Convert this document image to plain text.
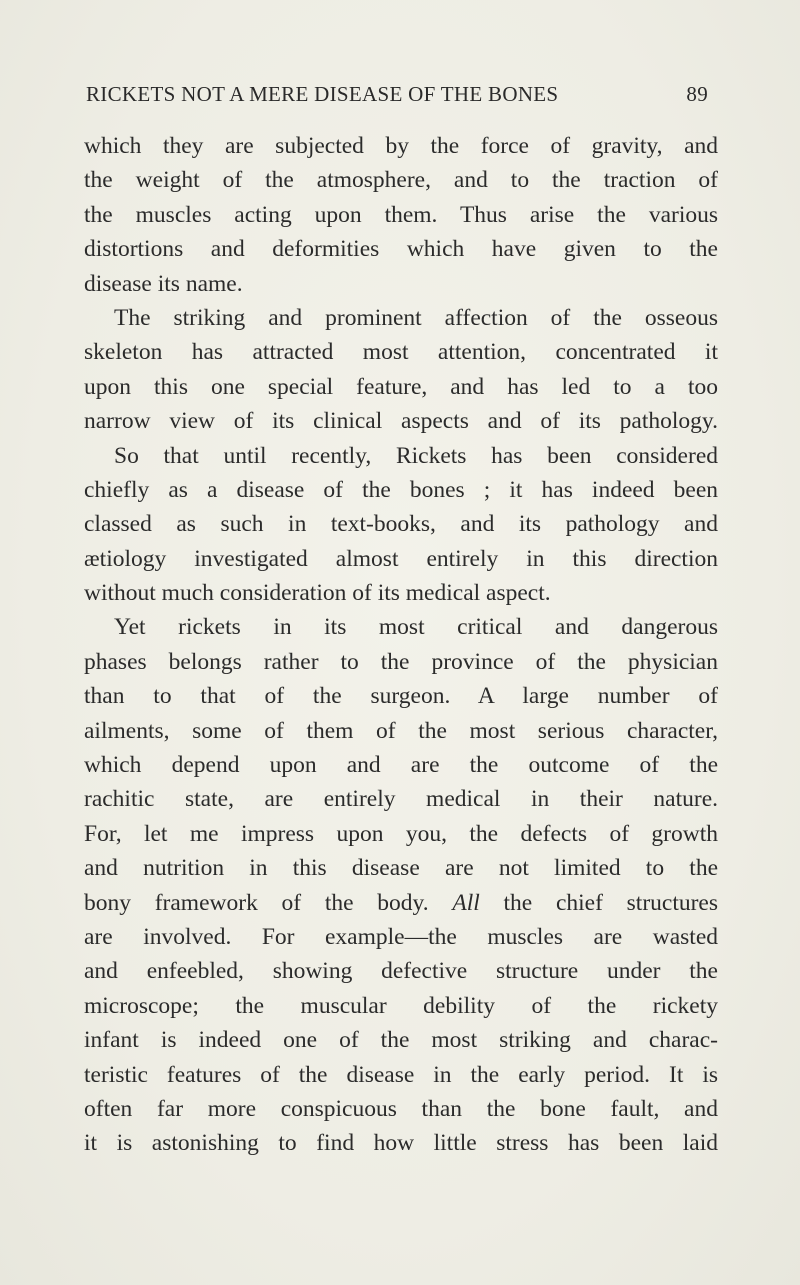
RICKETS NOT A MERE DISEASE OF THE BONES	89
which they are subjected by the force of gravity, and
the weight of the atmosphere, and to the traction of
the muscles acting upon them. Thus arise the various
distortions and deformities which have given to the
disease its name.
The striking and prominent affection of the osseous
skeleton has attracted most attention, concentrated it
upon this one special feature, and has led to a too
narrow view of its clinical aspects and of its pathology.
So that until recently, Rickets has been considered
chiefly as a disease of the bones ; it has indeed been
classed as such in text-books, and its pathology and
ætiology investigated almost entirely in this direction
without much consideration of its medical aspect.
Yet rickets in its most critical and dangerous
phases belongs rather to the province of the physician
than to that of the surgeon. A large number of
ailments, some of them of the most serious character,
which depend upon and are the outcome of the
rachitic state, are entirely medical in their nature.
For, let me impress upon you, the defects of growth
and nutrition in this disease are not limited to the
bony framework of the body. All the chief structures
are involved. For example—the muscles are wasted
and enfeebled, showing defective structure under the
microscope; the muscular debility of the rickety
infant is indeed one of the most striking and charac-
teristic features of the disease in the early period. It is
often far more conspicuous than the bone fault, and
it is astonishing to find how little stress has been laid
